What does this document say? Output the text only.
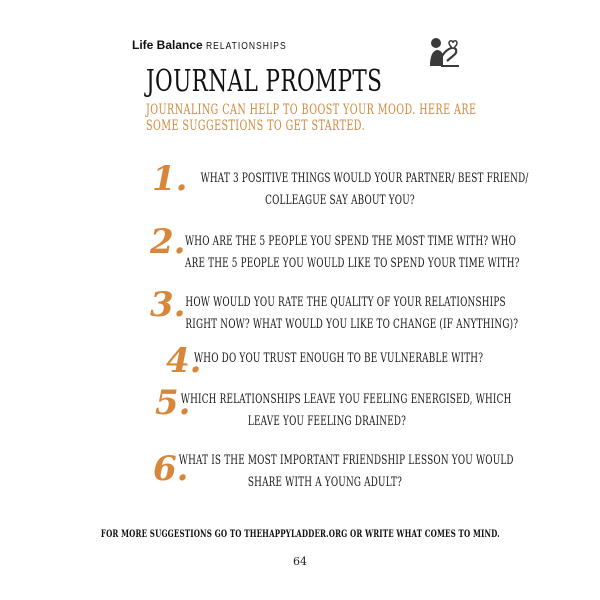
Life Balance RELATIONSHIPS
JOURNAL PROMPTS
JOURNALING CAN HELP TO BOOST YOUR MOOD. HERE ARE
SOME SUGGESTIONS TO GET STARTED.
1. WHAT 3 POSITIVE THINGS WOULD YOUR PARTNER/ BEST FRIEND/
COLLEAGUE SAY ABOUT YOU?
2. WHO ARE THE 5 PEOPLE YOU SPEND THE MOST TIME WITH? WHO
ARE THE 5 PEOPLE YOU WOULD LIKE TO SPEND YOUR TIME WITH?
3. HOW WOULD YOU RATE THE QUALITY OF YOUR RELATIONSHIPS
RIGHT NOW? WHAT WOULD YOU LIKE TO CHANGE (IF ANYTHING)?
4.
WHO DO YOU TRUST ENOUGH TO BE VULNERABLE WITH?
5.
WHICH RELATIONSHIPS LEAVE YOU FEELING ENERGISED, WHICH
LEAVE YOU FEELING DRAINED?
6.
WHAT IS THE MOST IMPORTANT FRIENDSHIP LESSON YOU WOULD
SHARE WITH A YOUNG ADULT?
FOR MORE SUGGESTIONS GO TO THEHAPPYLADDER.ORG OR WRITE WHAT COMES TO MIND.
64
